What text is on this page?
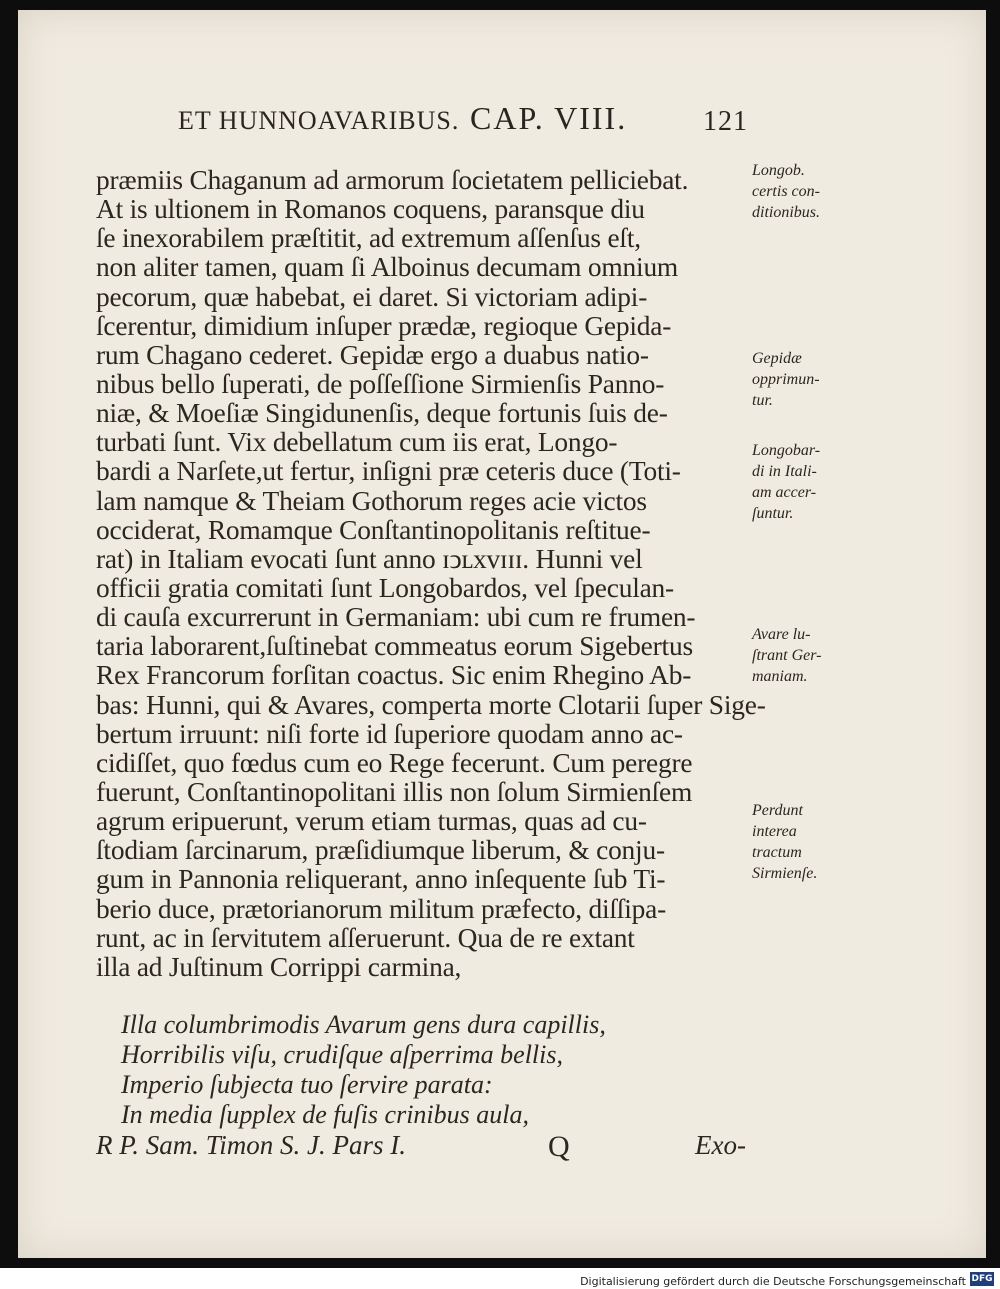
ET HUNNOAVARIBUS. CAP. VIII.	121
præmiis Chaganum ad armorum ſocietatem pelliciebat.
At is ultionem in Romanos coquens, paransque diu
ſe inexorabilem præſtitit, ad extremum aſſenſus eſt,
non aliter tamen, quam ſi Alboinus decumam omnium
pecorum, quæ habebat, ei daret. Si victoriam adipi-
ſcerentur, dimidium inſuper prædæ, regioque Gepida-
rum Chagano cederet. Gepidæ ergo a duabus natio-
nibus bello ſuperati, de poſſeſſione Sirmienſis Panno-
niæ, & Moeſiæ Singidunenſis, deque fortunis ſuis de-
turbati ſunt. Vix debellatum cum iis erat, Longo-
bardi a Narſete,ut fertur, inſigni præ ceteris duce (Toti-
lam namque & Theiam Gothorum reges acie victos
occiderat, Romamque Conſtantinopolitanis reſtitue-
rat) in Italiam evocati ſunt anno ɪↄʟxvɪɪɪ. Hunni vel
officii gratia comitati ſunt Longobardos, vel ſpeculan-
di cauſa excurrerunt in Germaniam: ubi cum re frumen-
taria laborarent,ſuſtinebat commeatus eorum Sigebertus
Rex Francorum forſitan coactus. Sic enim Rhegino Ab-
bas: Hunni, qui & Avares, comperta morte Clotarii ſuper Sige-
bertum irruunt: niſi forte id ſuperiore quodam anno ac-
cidiſſet, quo fœdus cum eo Rege fecerunt. Cum peregre
fuerunt, Conſtantinopolitani illis non ſolum Sirmienſem
agrum eripuerunt, verum etiam turmas, quas ad cu-
ſtodiam ſarcinarum, præſidiumque liberum, & conju-
gum in Pannonia reliquerant, anno inſequente ſub Ti-
berio duce, prætorianorum militum præfecto, diſſipa-
runt, ac in ſervitutem aſſeruerunt. Qua de re extant
illa ad Juſtinum Corrippi carmina,
Illa columbrimodis Avarum gens dura capillis,
Horribilis viſu, crudiſque aſperrima bellis,
Imperio ſubjecta tuo ſervire parata:
In media ſupplex de fuſis crinibus aula,
Longob.
certis con-
ditionibus.
Gepidæ
opprimun-
tur.
Longobar-
di in Itali-
am accer-
ſuntur.
Avare lu-
ſtrant Ger-
maniam.
Perdunt
interea
tractum
Sirmienſe.
R P. Sam. Timon S. J. Pars I.	Q	Exo-
Digitalisierung gefördert durch die Deutsche Forschungsgemeinschaft DFG
